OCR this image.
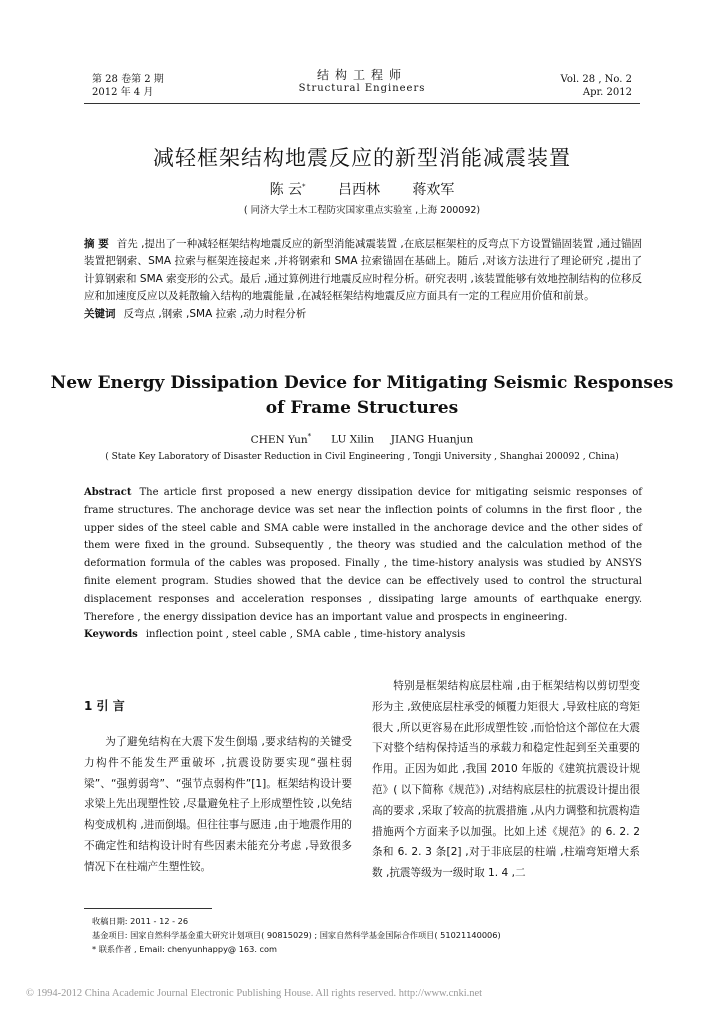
第 28 卷第 2 期
2012 年 4 月
结构工程师
Structural Engineers
Vol. 28 , No. 2
Apr. 2012
减轻框架结构地震反应的新型消能减震装置
陈 云* 吕西林 蒋欢军
( 同济大学土木工程防灾国家重点实验室 ,上海 200092)
摘 要 首先 ,提出了一种减轻框架结构地震反应的新型消能减震装置 ,在底层框架柱的反弯点下方设置锚固装置 ,通过锚固装置把钢索、SMA 拉索与框架连接起来 ,并将钢索和 SMA 拉索锚固在基础上。随后 ,对该方法进行了理论研究 ,提出了计算钢索和 SMA 索变形的公式。最后 ,通过算例进行地震反应时程分析。研究表明 ,该装置能够有效地控制结构的位移反应和加速度反应以及耗散输入结构的地震能量 ,在减轻框架结构地震反应方面具有一定的工程应用价值和前景。
关键词 反弯点 ,钢索 ,SMA 拉索 ,动力时程分析
New Energy Dissipation Device for Mitigating Seismic Responses
of Frame Structures
CHEN Yun* LU Xilin JIANG Huanjun
( State Key Laboratory of Disaster Reduction in Civil Engineering , Tongji University , Shanghai 200092 , China)
Abstract The article first proposed a new energy dissipation device for mitigating seismic responses of frame structures. The anchorage device was set near the inflection points of columns in the first floor , the upper sides of the steel cable and SMA cable were installed in the anchorage device and the other sides of them were fixed in the ground. Subsequently , the theory was studied and the calculation method of the deformation formula of the cables was proposed. Finally , the time-history analysis was studied by ANSYS finite element program. Studies showed that the device can be effectively used to control the structural displacement responses and acceleration responses , dissipating large amounts of earthquake energy. Therefore , the energy dissipation device has an important value and prospects in engineering.
Keywords inflection point , steel cable , SMA cable , time-history analysis
1 引 言

为了避免结构在大震下发生倒塌 ,要求结构的关键受力构件不能发生严重破坏 ,抗震设防要实现“强柱弱梁”、“强剪弱弯”、“强节点弱构件”[1]。框架结构设计要求梁上先出现塑性铰 ,尽量避免柱子上形成塑性铰 ,以免结构变成机构 ,进而倒塌。但往往事与愿违 ,由于地震作用的不确定性和结构设计时有些因素未能充分考虑 ,导致很多情况下在柱端产生塑性铰。

特别是框架结构底层柱端 ,由于框架结构以剪切型变形为主 ,致使底层柱承受的倾覆力矩很大 ,导致柱底的弯矩很大 ,所以更容易在此形成塑性铰 ,而恰恰这个部位在大震下对整个结构保持适当的承载力和稳定性起到至关重要的作用。正因为如此 ,我国 2010 年版的《建筑抗震设计规范》( 以下简称《规范》) ,对结构底层柱的抗震设计提出很高的要求 ,采取了较高的抗震措施 ,从内力调整和抗震构造措施两个方面来予以加强。比如上述《规范》的 6. 2. 2 条和 6. 2. 3 条[2] ,对于非底层的柱端 ,柱端弯矩增大系数 ,抗震等级为一级时取 1. 4 ,二

收稿日期: 2011 - 12 - 26
基金项目: 国家自然科学基金重大研究计划项目( 90815029) ; 国家自然科学基金国际合作项目( 51021140006)
* 联系作者 , Email: chenyunhappy@ 163. com
© 1994-2012 China Academic Journal Electronic Publishing House. All rights reserved. http://www.cnki.net
